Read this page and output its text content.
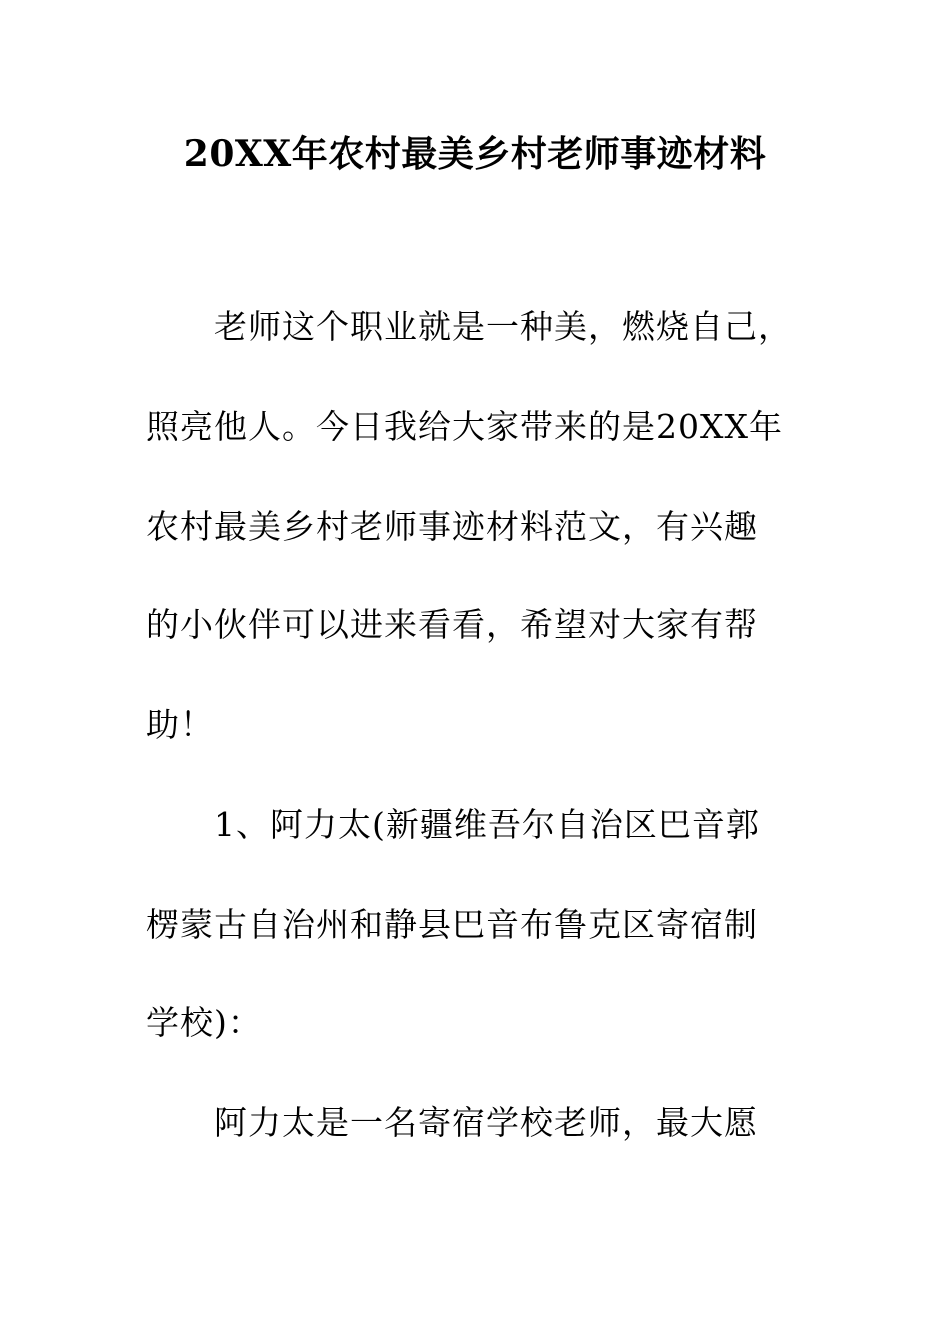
20XX年农村最美乡村老师事迹材料
老师这个职业就是一种美，燃烧自己，
照亮他人。今日我给大家带来的是20XX年
农村最美乡村老师事迹材料范文，有兴趣
的小伙伴可以进来看看，希望对大家有帮
助！
1、阿力太(新疆维吾尔自治区巴音郭
楞蒙古自治州和静县巴音布鲁克区寄宿制
学校)：
阿力太是一名寄宿学校老师，最大愿
